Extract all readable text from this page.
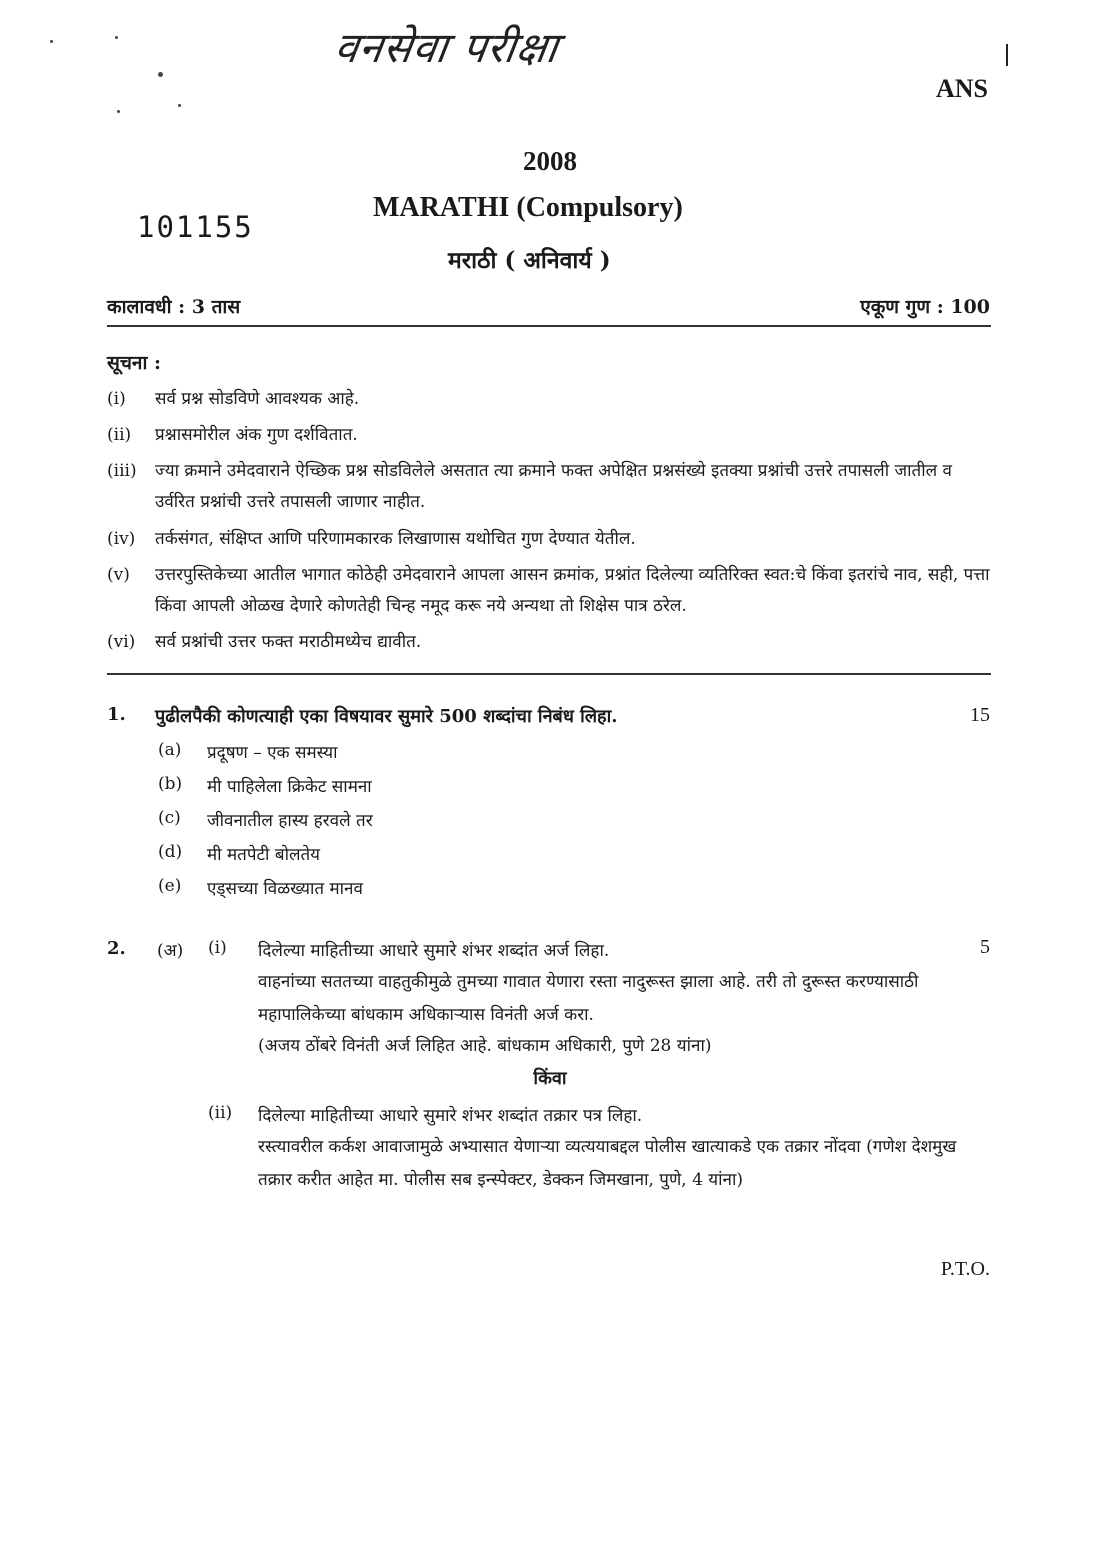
वनसेवा परीक्षा
ANS
2008
101155
MARATHI (Compulsory)
मराठी ( अनिवार्य )
कालावधी : 3 तास	एकूण गुण : 100
सूचना :
(i)	सर्व प्रश्न सोडविणे आवश्यक आहे.
(ii)	प्रश्नासमोरील अंक गुण दर्शवितात.
(iii)	ज्या क्रमाने उमेदवाराने ऐच्छिक प्रश्न सोडविलेले असतात त्या क्रमाने फक्त अपेक्षित प्रश्नसंख्ये इतक्या प्रश्नांची उत्तरे तपासली जातील व उर्वरित प्रश्नांची उत्तरे तपासली जाणार नाहीत.
(iv)	तर्कसंगत, संक्षिप्त आणि परिणामकारक लिखाणास यथोचित गुण देण्यात येतील.
(v)	उत्तरपुस्तिकेच्या आतील भागात कोठेही उमेदवाराने आपला आसन क्रमांक, प्रश्नांत दिलेल्या व्यतिरिक्त स्वत:चे किंवा इतरांचे नाव, सही, पत्ता किंवा आपली ओळख देणारे कोणतेही चिन्ह नमूद करू नये अन्यथा तो शिक्षेस पात्र ठरेल.
(vi)	सर्व प्रश्नांची उत्तर फक्त मराठीमध्येच द्यावीत.
1. पुढीलपैकी कोणत्याही एका विषयावर सुमारे 500 शब्दांचा निबंध लिहा.	15
(a) प्रदूषण – एक समस्या
(b) मी पाहिलेला क्रिकेट सामना
(c) जीवनातील हास्य हरवले तर
(d) मी मतपेटी बोलतेय
(e) एड्सच्या विळख्यात मानव
2. (अ) (i) दिलेल्या माहितीच्या आधारे सुमारे शंभर शब्दांत अर्ज लिहा.	5
वाहनांच्या सततच्या वाहतुकीमुळे तुमच्या गावात येणारा रस्ता नादुरूस्त झाला आहे. तरी तो दुरूस्त करण्यासाठी महापालिकेच्या बांधकाम अधिकाऱ्यास विनंती अर्ज करा.
(अजय ठोंबरे विनंती अर्ज लिहित आहे. बांधकाम अधिकारी, पुणे 28 यांना)
किंवा
(ii) दिलेल्या माहितीच्या आधारे सुमारे शंभर शब्दांत तक्रार पत्र लिहा.
रस्त्यावरील कर्कश आवाजामुळे अभ्यासात येणाऱ्या व्यत्ययाबद्दल पोलीस खात्याकडे एक तक्रार नोंदवा (गणेश देशमुख तक्रार करीत आहेत मा. पोलीस सब इन्स्पेक्टर, डेक्कन जिमखाना, पुणे, 4 यांना)
P.T.O.
